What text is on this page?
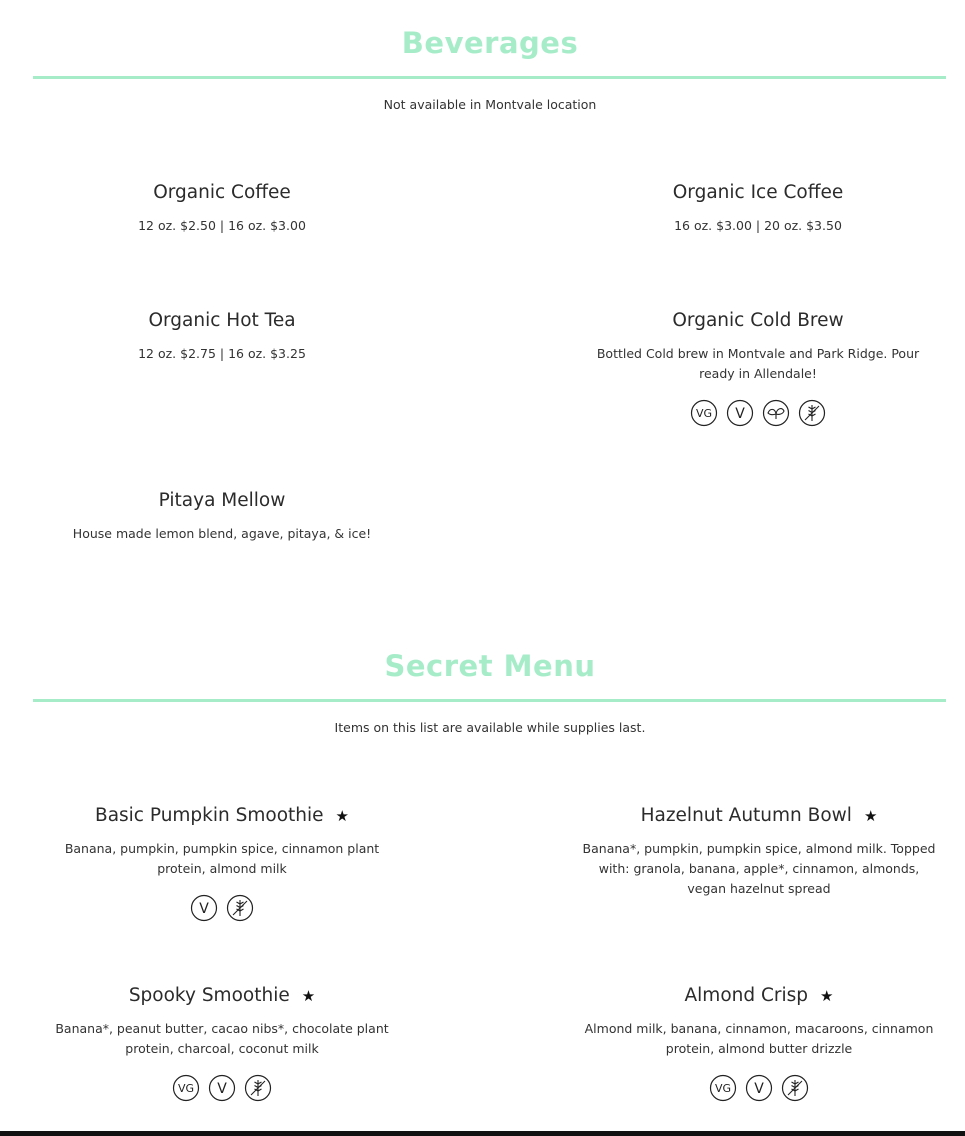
Beverages
Not available in Montvale location
Organic Coffee
12 oz. $2.50 | 16 oz. $3.00
Organic Ice Coffee
16 oz. $3.00 | 20 oz. $3.50
Organic Hot Tea
12 oz. $2.75 | 16 oz. $3.25
Organic Cold Brew
Bottled Cold brew in Montvale and Park Ridge. Pour ready in Allendale!
VG V
Pitaya Mellow
House made lemon blend, agave, pitaya, & ice!
Secret Menu
Items on this list are available while supplies last.
Basic Pumpkin Smoothie ★
Banana, pumpkin, pumpkin spice, cinnamon plant protein, almond milk
V
Hazelnut Autumn Bowl ★
Banana*, pumpkin, pumpkin spice, almond milk. Topped with: granola, banana, apple*, cinnamon, almonds, vegan hazelnut spread
Spooky Smoothie ★
Banana*, peanut butter, cacao nibs*, chocolate plant protein, charcoal, coconut milk
VG V
Almond Crisp ★
Almond milk, banana, cinnamon, macaroons, cinnamon protein, almond butter drizzle
VG V
